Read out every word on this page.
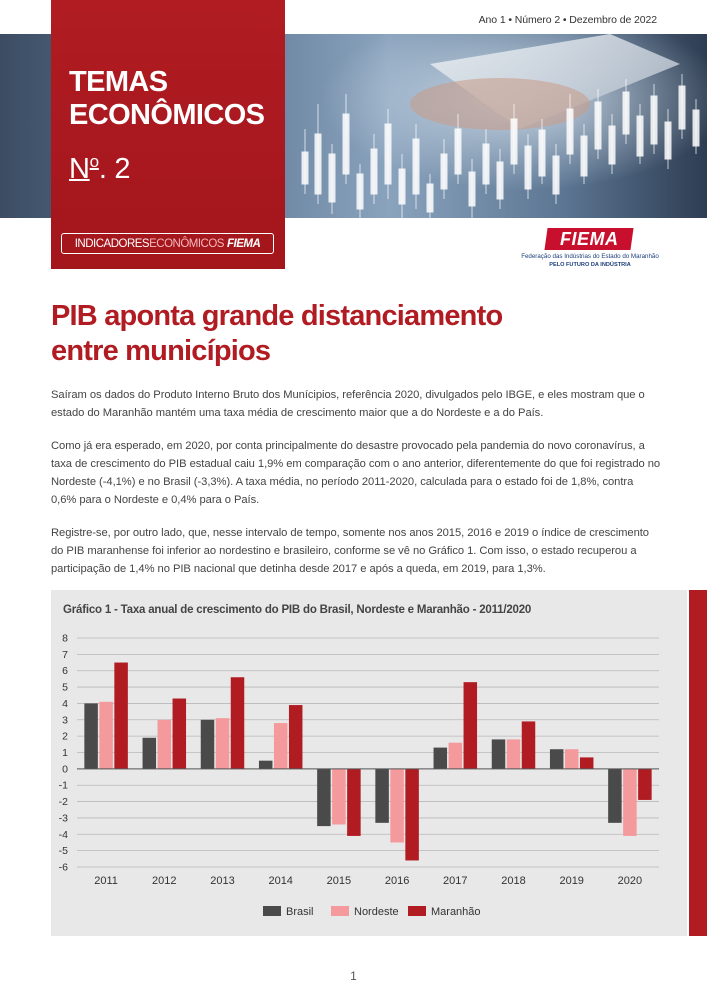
Ano 1 • Número 2 • Dezembro de 2022
TEMAS
ECONÔMICOS
$N^o$. 2
INDICADORES ECONÔMICOS FIEMA	FIEMA
Federação das Indústrias do Estado do Maranhão
PELO FUTURO DA INDÚSTRIA
PIB aponta grande distanciamento
entre municípios

Saíram os dados do Produto Interno Bruto dos Munícipios, referência 2020, divulgados pelo IBGE, e eles mostram que o estado do Maranhão mantém uma taxa média de crescimento maior que a do Nordeste e a do País.

Como já era esperado, em 2020, por conta principalmente do desastre provocado pela pandemia do novo coronavírus, a taxa de crescimento do PIB estadual caiu 1,9% em comparação com o ano anterior, diferentemente do que foi registrado no Nordeste (-4,1%) e no Brasil (-3,3%). A taxa média, no período 2011-2020, calculada para o estado foi de 1,8%, contra 0,6% para o Nordeste e 0,4% para o País.

Registre-se, por outro lado, que, nesse intervalo de tempo, somente nos anos 2015, 2016 e 2019 o índice de crescimento do PIB maranhense foi inferior ao nordestino e brasileiro, conforme se vê no Gráfico 1. Com isso, o estado recuperou a participação de 1,4% no PIB nacional que detinha desde 2017 e após a queda, em 2019, para 1,3%.

Gráfico 1 - Taxa anual de crescimento do PIB do Brasil, Nordeste e Maranhão - 2011/2020
8
7
6
5
4
3
2
1
0
-1
-2
-3
-4
-5
-6
2011	2012	2013	2014	2015	2016	2017	2018	2019	2020
Brasil	Nordeste	Maranhão
1
